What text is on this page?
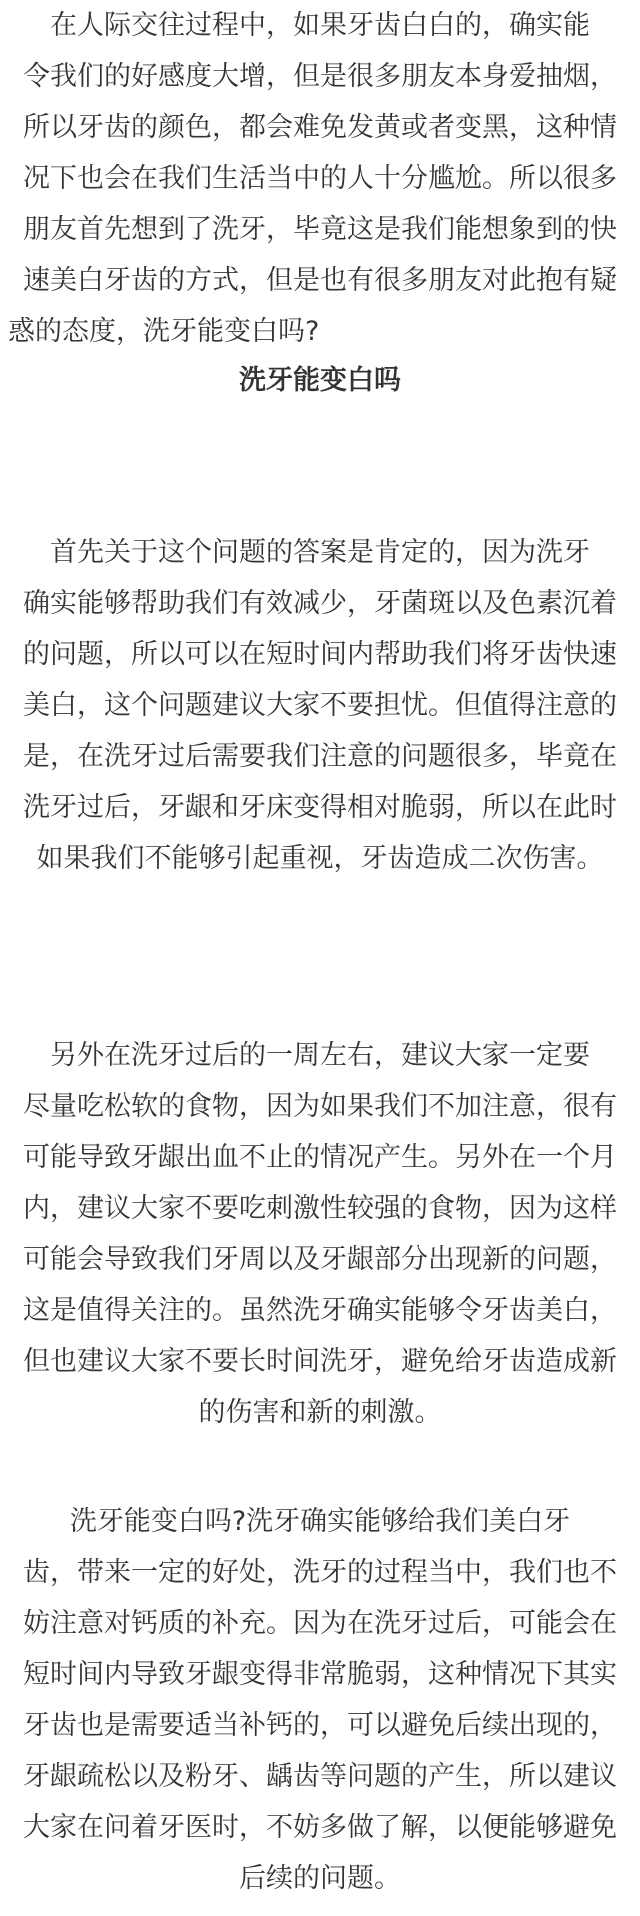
在人际交往过程中，如果牙齿白白的，确实能
令我们的好感度大增，但是很多朋友本身爱抽烟，
所以牙齿的颜色，都会难免发黄或者变黑，这种情
况下也会在我们生活当中的人十分尴尬。所以很多
朋友首先想到了洗牙，毕竟这是我们能想象到的快
速美白牙齿的方式，但是也有很多朋友对此抱有疑
惑的态度，洗牙能变白吗?

洗牙能变白吗

首先关于这个问题的答案是肯定的，因为洗牙
确实能够帮助我们有效减少，牙菌斑以及色素沉着
的问题，所以可以在短时间内帮助我们将牙齿快速
美白，这个问题建议大家不要担忧。但值得注意的
是，在洗牙过后需要我们注意的问题很多，毕竟在
洗牙过后，牙龈和牙床变得相对脆弱，所以在此时
如果我们不能够引起重视，牙齿造成二次伤害。

另外在洗牙过后的一周左右，建议大家一定要
尽量吃松软的食物，因为如果我们不加注意，很有
可能导致牙龈出血不止的情况产生。另外在一个月
内，建议大家不要吃刺激性较强的食物，因为这样
可能会导致我们牙周以及牙龈部分出现新的问题，
这是值得关注的。虽然洗牙确实能够令牙齿美白，
但也建议大家不要长时间洗牙，避免给牙齿造成新
的伤害和新的刺激。

洗牙能变白吗?洗牙确实能够给我们美白牙
齿，带来一定的好处，洗牙的过程当中，我们也不
妨注意对钙质的补充。因为在洗牙过后，可能会在
短时间内导致牙龈变得非常脆弱，这种情况下其实
牙齿也是需要适当补钙的，可以避免后续出现的，
牙龈疏松以及粉牙、龋齿等问题的产生，所以建议
大家在问着牙医时，不妨多做了解，以便能够避免
后续的问题。
